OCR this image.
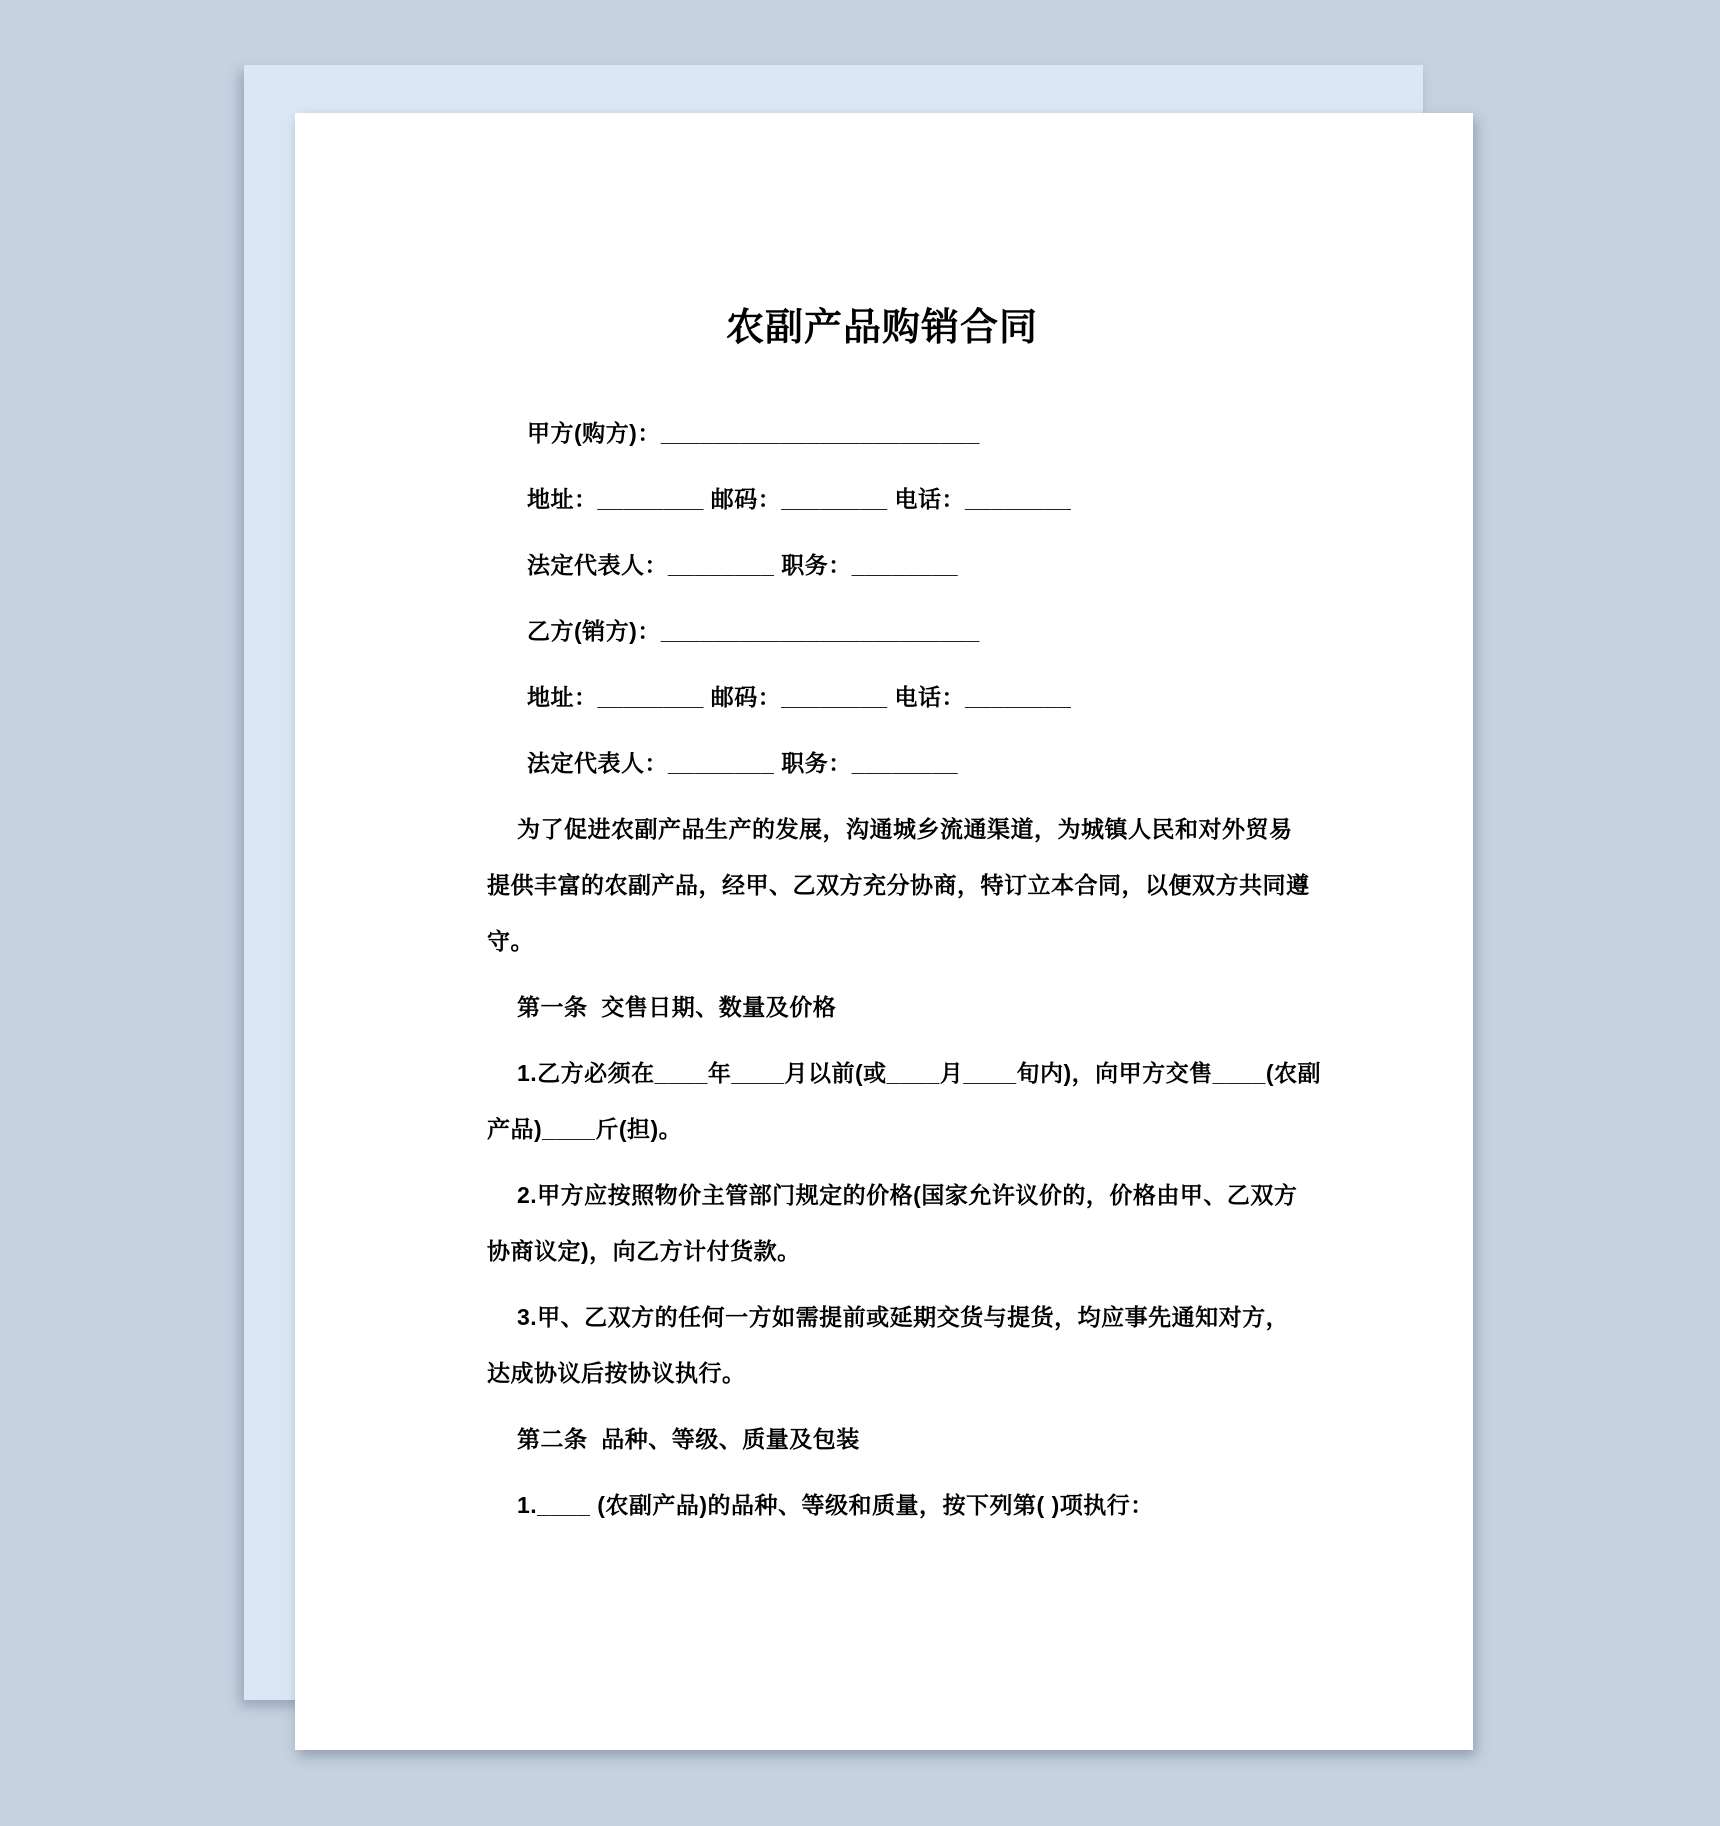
农副产品购销合同
甲方(购方)：________________________
地址：________ 邮码：________ 电话：________
法定代表人：________ 职务：________
乙方(销方)：________________________
地址：________ 邮码：________ 电话：________
法定代表人：________ 职务：________
为了促进农副产品生产的发展，沟通城乡流通渠道，为城镇人民和对外贸易
提供丰富的农副产品，经甲、乙双方充分协商，特订立本合同，以便双方共同遵
守。
第一条  交售日期、数量及价格
1.乙方必须在____年____月以前(或____月____旬内)，向甲方交售____(农副
产品)____斤(担)。
2.甲方应按照物价主管部门规定的价格(国家允许议价的，价格由甲、乙双方
协商议定)，向乙方计付货款。
3.甲、乙双方的任何一方如需提前或延期交货与提货，均应事先通知对方，
达成协议后按协议执行。
第二条  品种、等级、质量及包装
1.____ (农副产品)的品种、等级和质量，按下列第( )项执行：
